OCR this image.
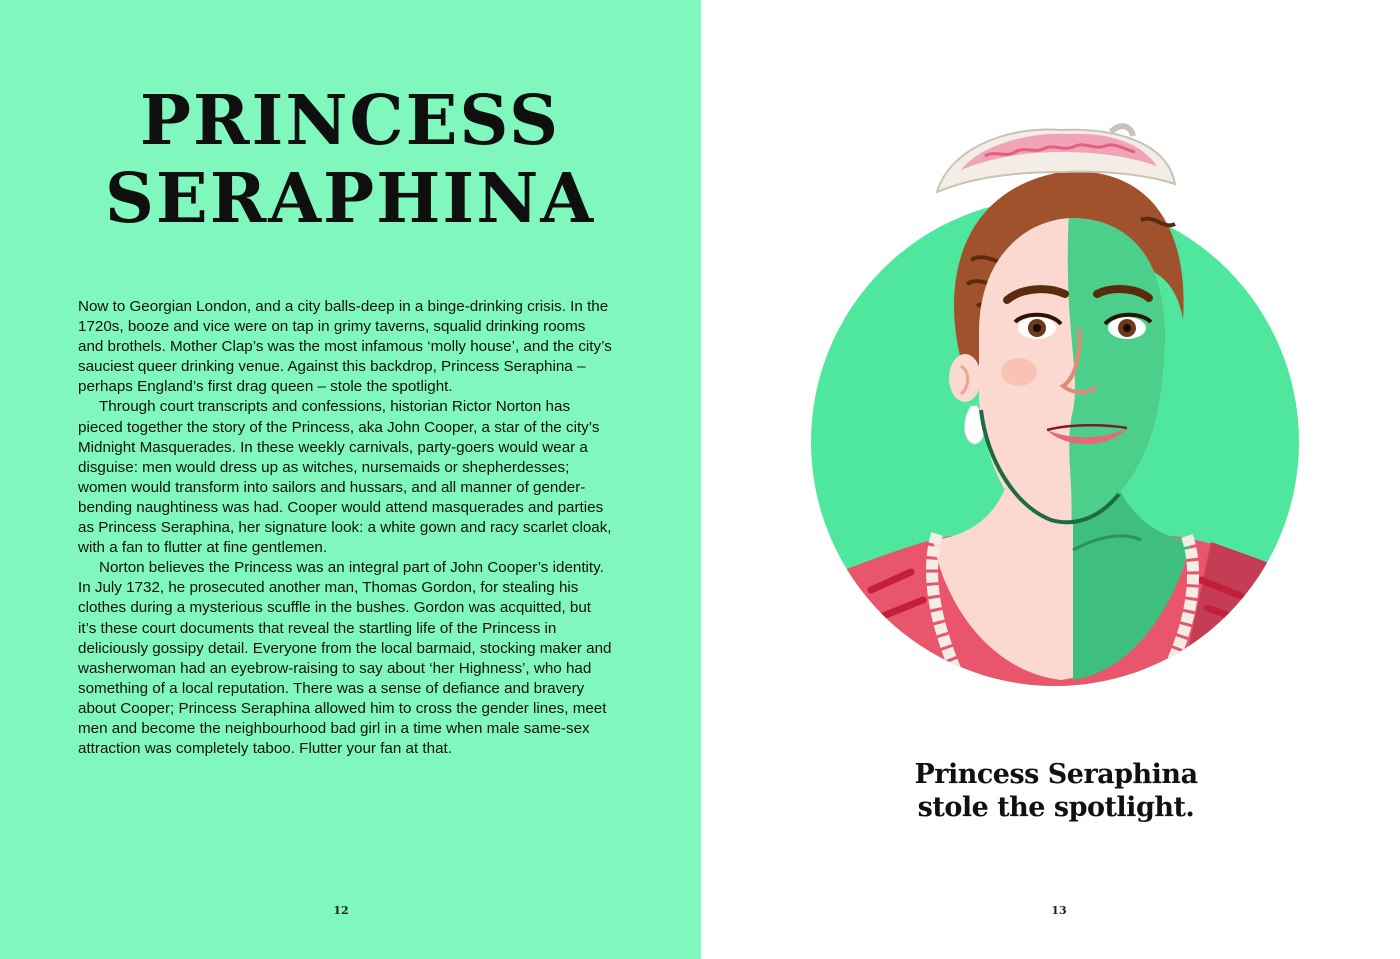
PRINCESS
SERAPHINA

Now to Georgian London, and a city balls-deep in a binge-drinking crisis. In the 1720s, booze and vice were on tap in grimy taverns, squalid drinking rooms and brothels. Mother Clap’s was the most infamous ‘molly house’, and the city’s sauciest queer drinking venue. Against this backdrop, Princess Seraphina – perhaps England’s first drag queen – stole the spotlight.

Through court transcripts and confessions, historian Rictor Norton has pieced together the story of the Princess, aka John Cooper, a star of the city’s Midnight Masquerades. In these weekly carnivals, party-goers would wear a disguise: men would dress up as witches, nursemaids or shepherdesses; women would transform into sailors and hussars, and all manner of gender-bending naughtiness was had. Cooper would attend masquerades and parties as Princess Seraphina, her signature look: a white gown and racy scarlet cloak, with a fan to flutter at fine gentlemen.

Norton believes the Princess was an integral part of John Cooper’s identity. In July 1732, he prosecuted another man, Thomas Gordon, for stealing his clothes during a mysterious scuffle in the bushes. Gordon was acquitted, but it’s these court documents that reveal the startling life of the Princess in deliciously gossipy detail. Everyone from the local barmaid, stocking maker and washerwoman had an eyebrow-raising to say about ‘her Highness’, who had something of a local reputation. There was a sense of defiance and bravery about Cooper; Princess Seraphina allowed him to cross the gender lines, meet men and become the neighbourhood bad girl in a time when male same-sex attraction was completely taboo. Flutter your fan at that.

12
Princess Seraphina
stole the spotlight.
13
